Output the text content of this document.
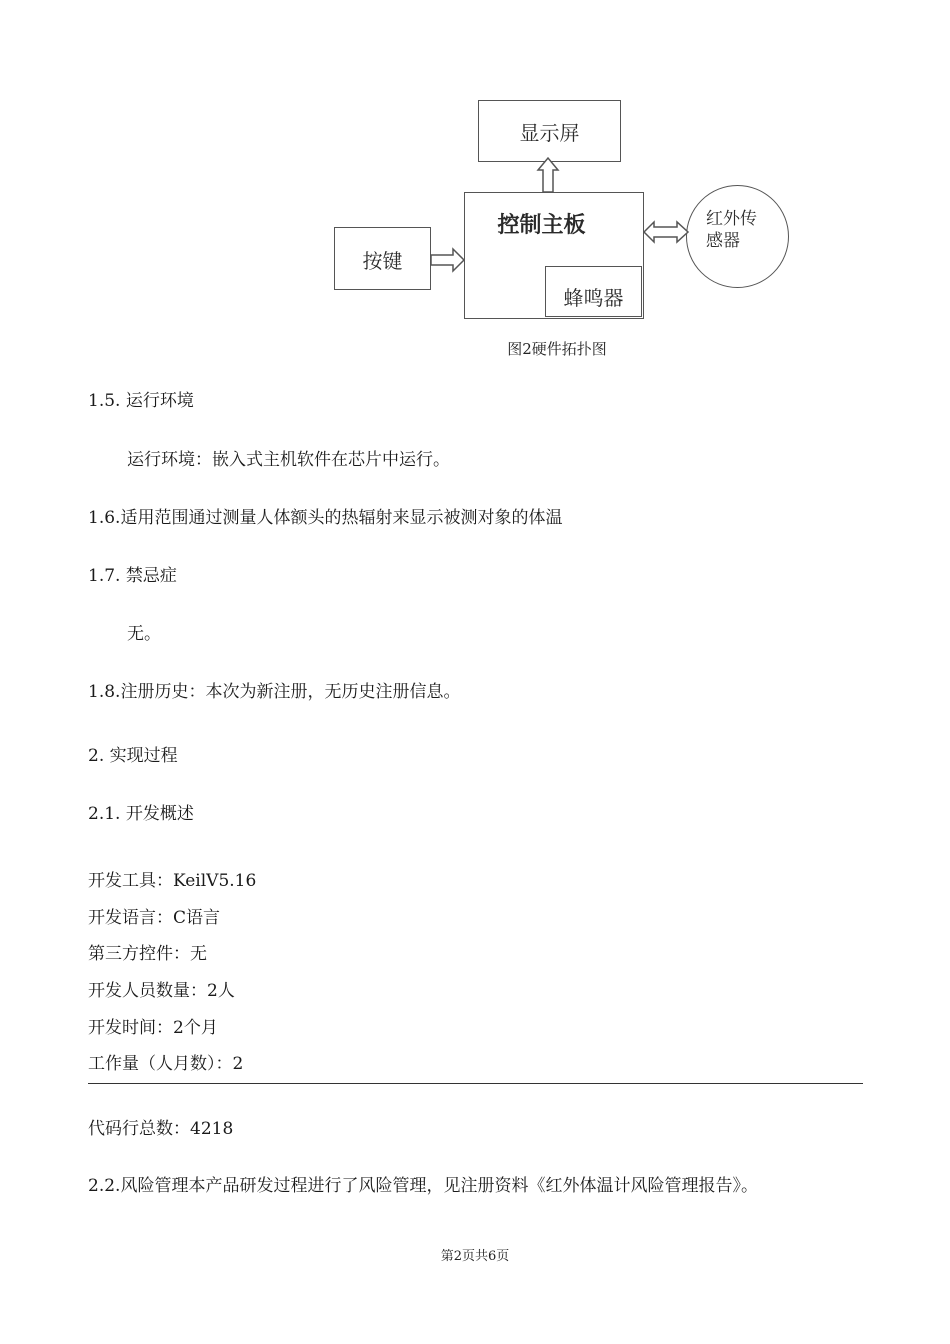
显示屏
控制主板
蜂鸣器
按键
红外传感器
图2硬件拓扑图
1.5. 运行环境
运行环境：嵌入式主机软件在芯片中运行。
1.6.适用范围通过测量人体额头的热辐射来显示被测对象的体温
1.7. 禁忌症
无。
1.8.注册历史：本次为新注册，无历史注册信息。
2. 实现过程
2.1. 开发概述
开发工具：KeilV5.16
开发语言：C语言
第三方控件：无
开发人员数量：2人
开发时间：2个月
工作量（人月数）：2
代码行总数：4218
2.2.风险管理本产品研发过程进行了风险管理，见注册资料《红外体温计风险管理报告》。
第2页共6页
